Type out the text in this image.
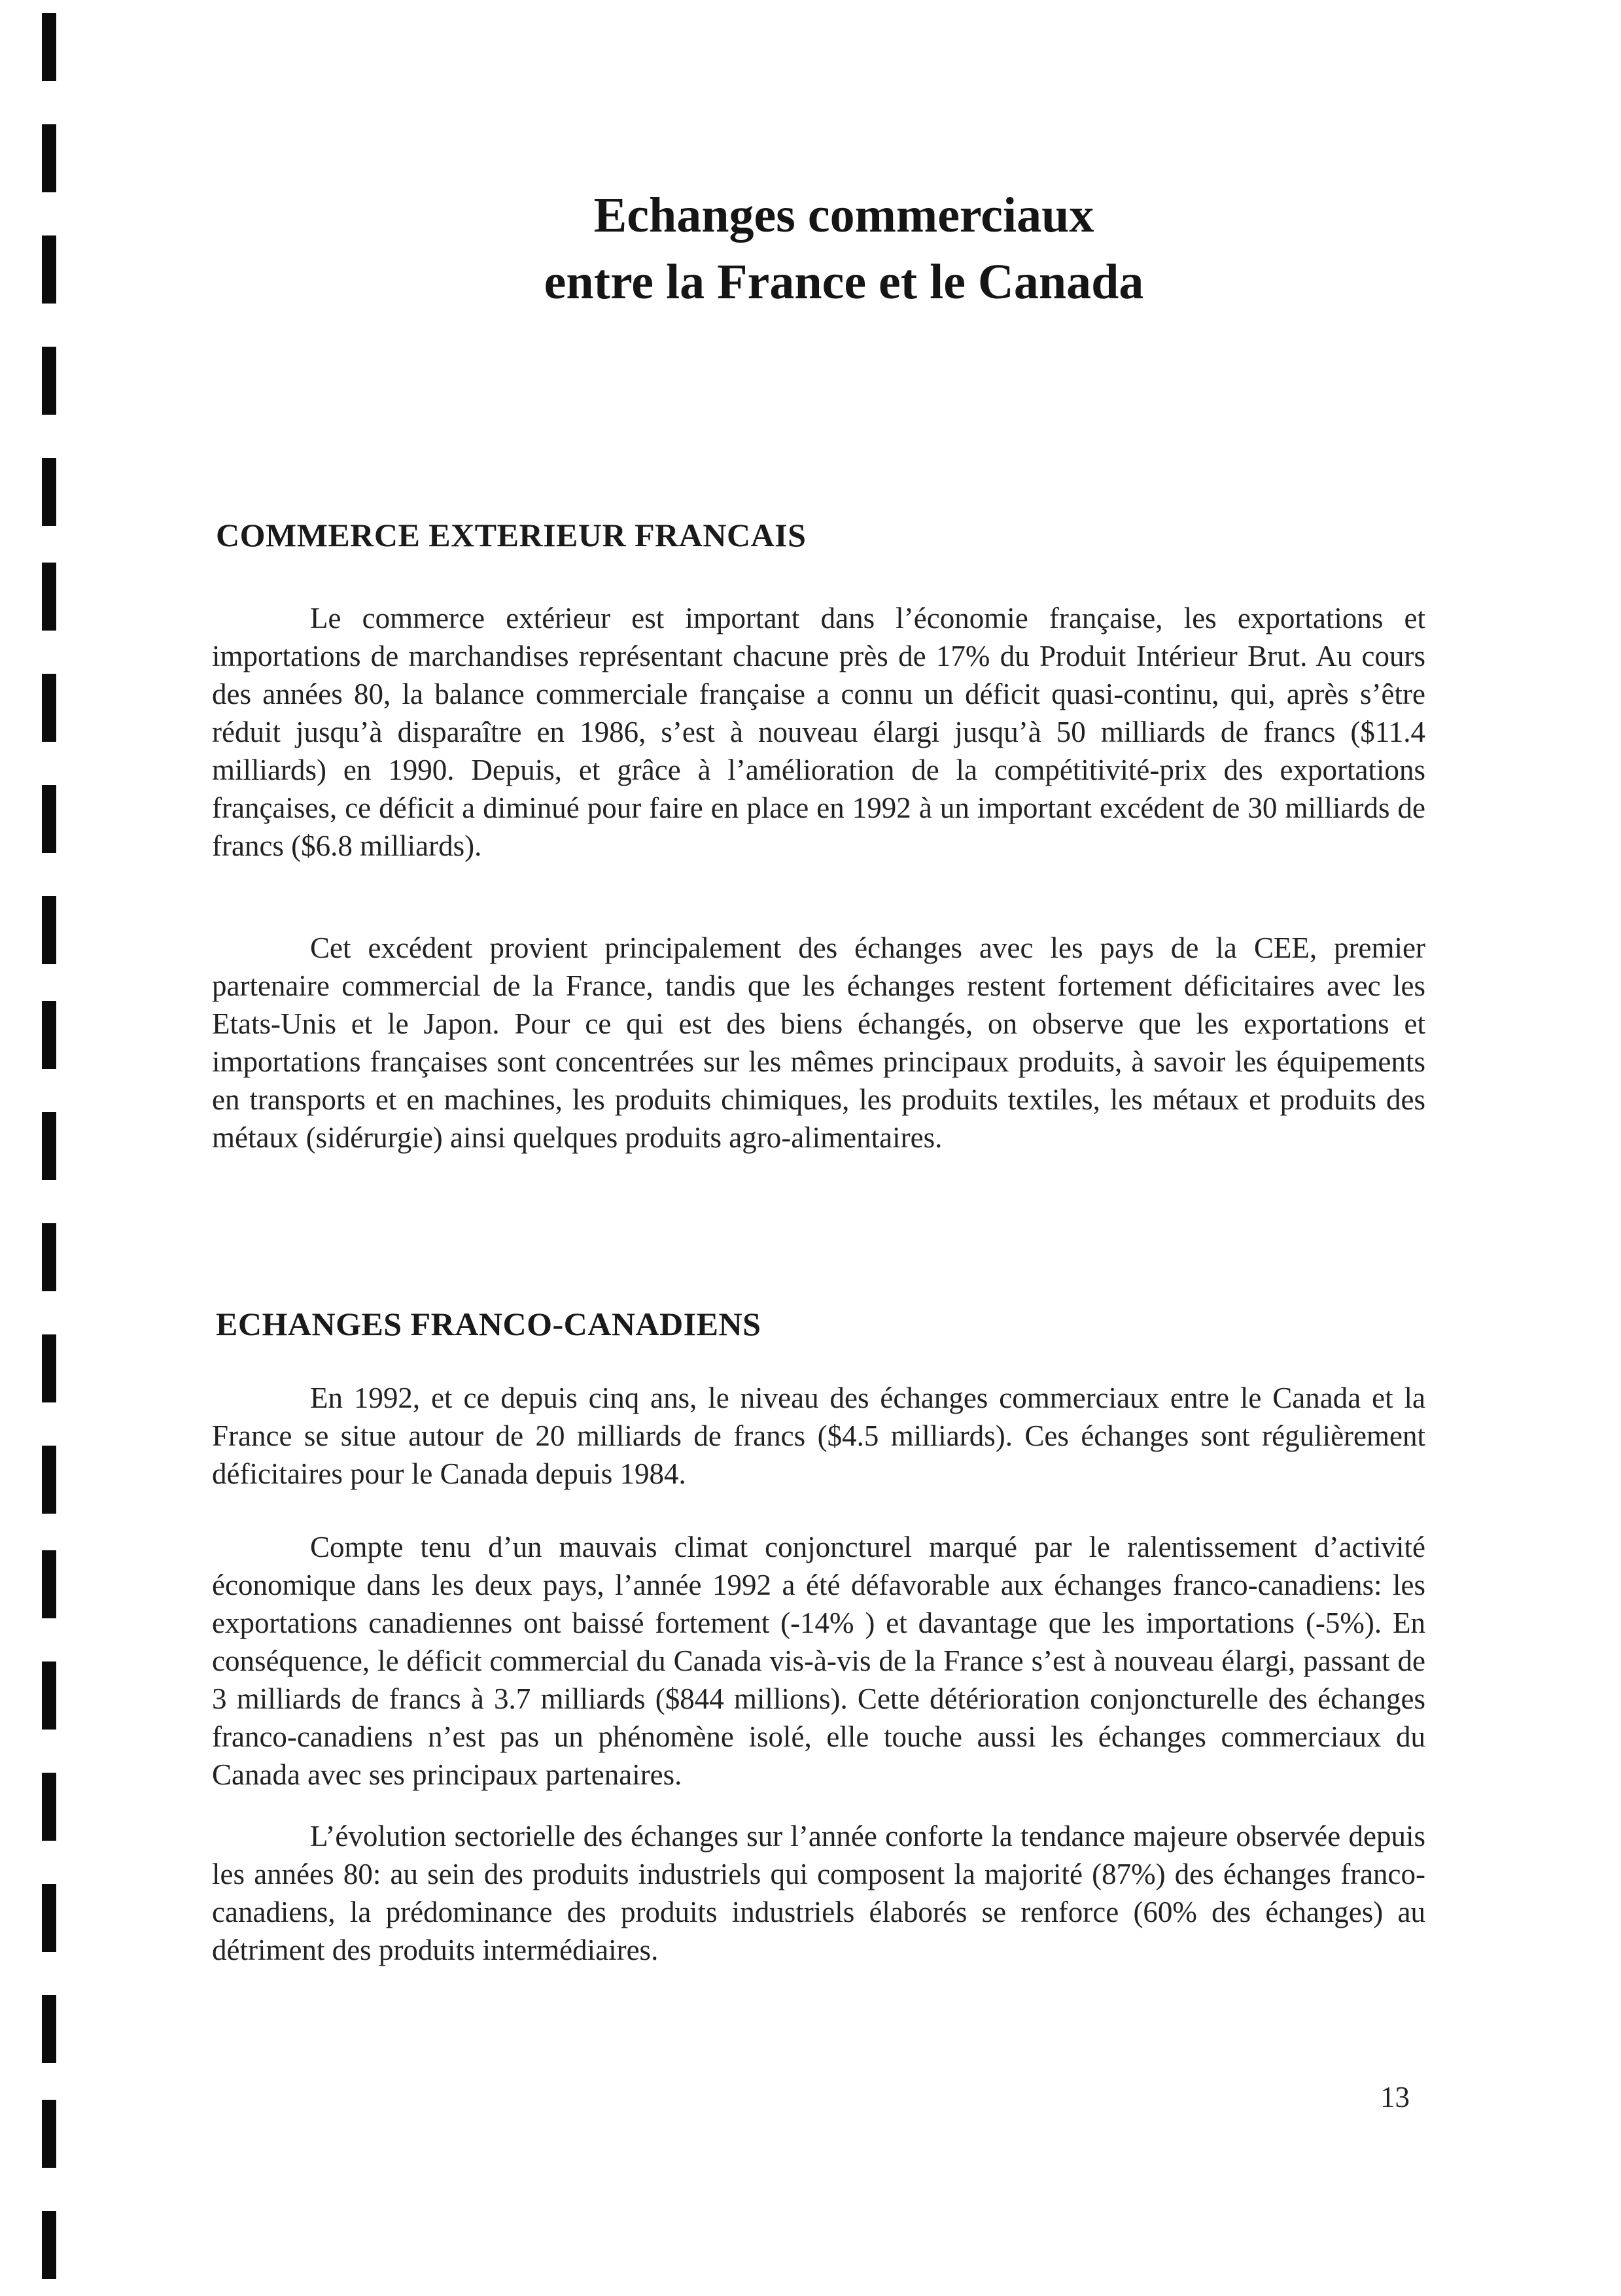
Echanges commerciaux
entre la France et le Canada
COMMERCE EXTERIEUR FRANCAIS

Le commerce extérieur est important dans l’économie française, les exportations et importations de marchandises représentant chacune près de 17% du Produit Intérieur Brut. Au cours des années 80, la balance commerciale française a connu un déficit quasi-continu, qui, après s’être réduit jusqu’à disparaître en 1986, s’est à nouveau élargi jusqu’à 50 milliards de francs ($11.4 milliards) en 1990. Depuis, et grâce à l’amélioration de la compétitivité-prix des exportations françaises, ce déficit a diminué pour faire en place en 1992 à un important excédent de 30 milliards de francs ($6.8 milliards).

Cet excédent provient principalement des échanges avec les pays de la CEE, premier partenaire commercial de la France, tandis que les échanges restent fortement déficitaires avec les Etats-Unis et le Japon. Pour ce qui est des biens échangés, on observe que les exportations et importations françaises sont concentrées sur les mêmes principaux produits, à savoir les équipements en transports et en machines, les produits chimiques, les produits textiles, les métaux et produits des métaux (sidérurgie) ainsi quelques produits agro-alimentaires.

ECHANGES FRANCO-CANADIENS

En 1992, et ce depuis cinq ans, le niveau des échanges commerciaux entre le Canada et la France se situe autour de 20 milliards de francs ($4.5 milliards). Ces échanges sont régulièrement déficitaires pour le Canada depuis 1984.

Compte tenu d’un mauvais climat conjoncturel marqué par le ralentissement d’activité économique dans les deux pays, l’année 1992 a été défavorable aux échanges franco-canadiens: les exportations canadiennes ont baissé fortement (-14% ) et davantage que les importations (-5%). En conséquence, le déficit commercial du Canada vis-à-vis de la France s’est à nouveau élargi, passant de 3 milliards de francs à 3.7 milliards ($844 millions). Cette détérioration conjoncturelle des échanges franco-canadiens n’est pas un phénomène isolé, elle touche aussi les échanges commerciaux du Canada avec ses principaux partenaires.

L’évolution sectorielle des échanges sur l’année conforte la tendance majeure observée depuis les années 80: au sein des produits industriels qui composent la majorité (87%) des échanges franco-canadiens, la prédominance des produits industriels élaborés se renforce (60% des échanges) au détriment des produits intermédiaires.

13
